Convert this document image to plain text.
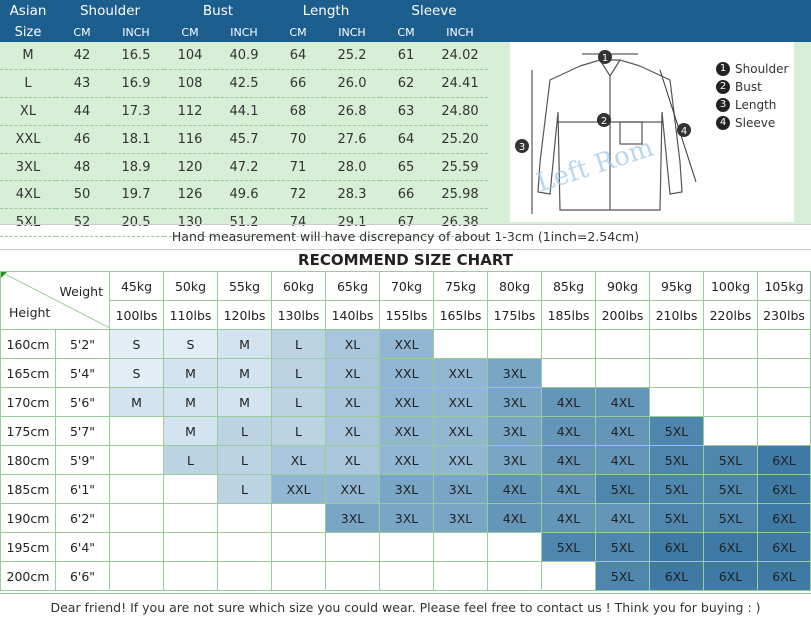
Asian	Shoulder		Bust		Length		Sleeve	
Size	CM	INCH	CM	INCH	CM	INCH	CM	INCH
M	42	16.5	104	40.9	64	25.2	61	24.02
L	43	16.9	108	42.5	66	26.0	62	24.41
XL	44	17.3	112	44.1	68	26.8	63	24.80
XXL	46	18.1	116	45.7	70	27.6	64	25.20
3XL	48	18.9	120	47.2	71	28.0	65	25.59
4XL	50	19.7	126	49.6	72	28.3	66	25.98
5XL	52	20.5	130	51.2	74	29.1	67	26.38
1
2
3
4
Left Rom
1 Shoulder
2 Bust
3 Length
4 Sleeve
Hand measurement will have discrepancy of about 1-3cm (1inch=2.54cm)
RECOMMEND SIZE CHART
Weight
Height		45kg	50kg	55kg	60kg	65kg	70kg	75kg	80kg	85kg	90kg	95kg	100kg	105kg
		100lbs	110lbs	120lbs	130lbs	140lbs	155lbs	165lbs	175lbs	185lbs	200lbs	210lbs	220lbs	230lbs
160cm	5'2"	S	S	M	L	XL	XXL							
165cm	5'4"	S	M	M	L	XL	XXL	XXL	3XL					
170cm	5'6"	M	M	M	L	XL	XXL	XXL	3XL	4XL	4XL			
175cm	5'7"		M	L	L	XL	XXL	XXL	3XL	4XL	4XL	5XL		
180cm	5'9"		L	L	XL	XL	XXL	XXL	3XL	4XL	4XL	5XL	5XL	6XL
185cm	6'1"			L	XXL	XXL	3XL	3XL	4XL	4XL	5XL	5XL	5XL	6XL
190cm	6'2"					3XL	3XL	3XL	4XL	4XL	4XL	5XL	5XL	6XL
195cm	6'4"									5XL	5XL	6XL	6XL	6XL
200cm	6'6"										5XL	6XL	6XL	6XL
Dear friend! If you are not sure which size you could wear. Please feel free to contact us ! Think you for buying : )
